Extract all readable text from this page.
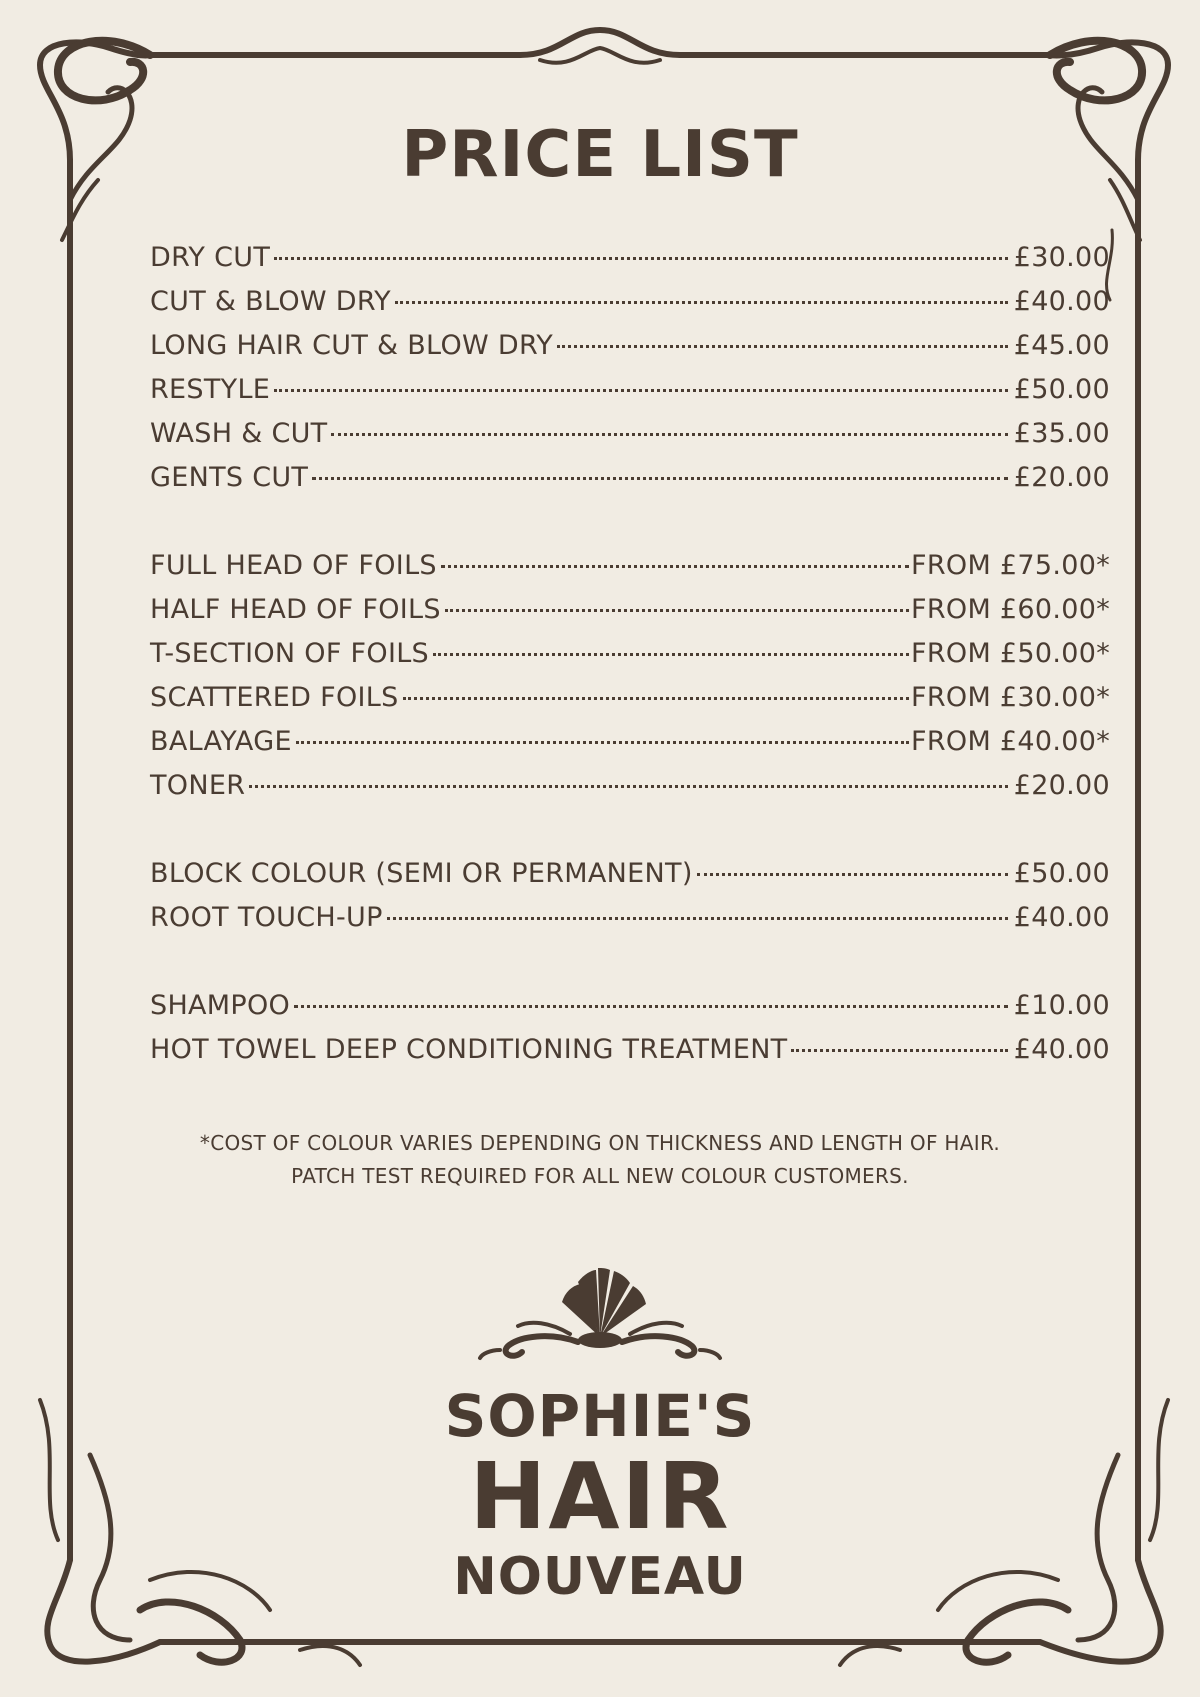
PRICE LIST
DRY CUT	£30.00
CUT & BLOW DRY	£40.00
LONG HAIR CUT & BLOW DRY	£45.00
RESTYLE	£50.00
WASH & CUT	£35.00
GENTS CUT	£20.00
FULL HEAD OF FOILS	FROM £75.00*
HALF HEAD OF FOILS	FROM £60.00*
T-SECTION OF FOILS	FROM £50.00*
SCATTERED FOILS	FROM £30.00*
BALAYAGE	FROM £40.00*
TONER	£20.00
BLOCK COLOUR (SEMI OR PERMANENT)	£50.00
ROOT TOUCH-UP	£40.00
SHAMPOO	£10.00
HOT TOWEL DEEP CONDITIONING TREATMENT	£40.00
*COST OF COLOUR VARIES DEPENDING ON THICKNESS AND LENGTH OF HAIR.
PATCH TEST REQUIRED FOR ALL NEW COLOUR CUSTOMERS.
SOPHIE'S
HAIR
NOUVEAU
